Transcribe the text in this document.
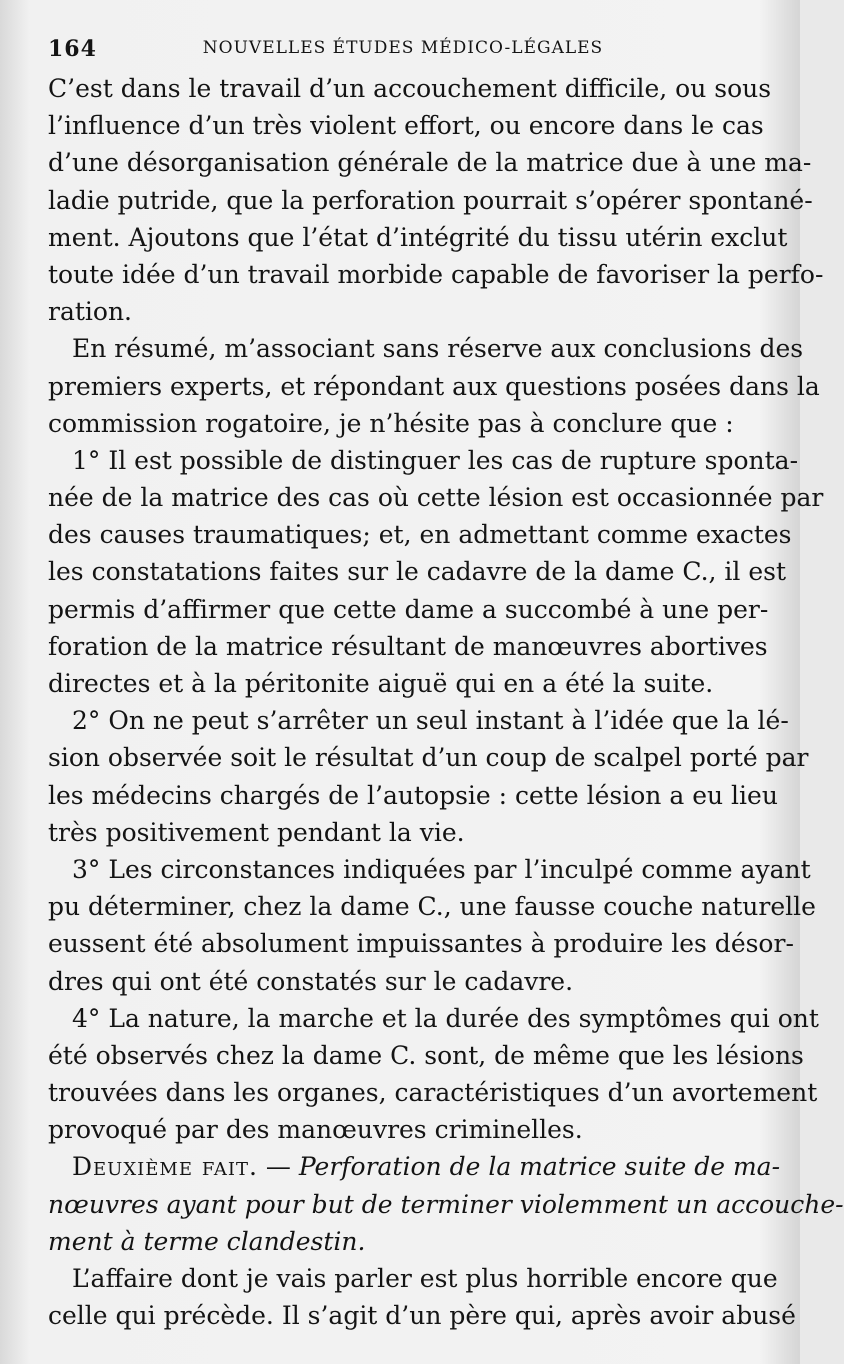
164	NOUVELLES ÉTUDES MÉDICO-LÉGALES
C’est dans le travail d’un accouchement difficile, ou sous
l’influence d’un très violent effort, ou encore dans le cas
d’une désorganisation générale de la matrice due à une ma-
ladie putride, que la perforation pourrait s’opérer spontané-
ment. Ajoutons que l’état d’intégrité du tissu utérin exclut
toute idée d’un travail morbide capable de favoriser la perfo-
ration.
En résumé, m’associant sans réserve aux conclusions des
premiers experts, et répondant aux questions posées dans la
commission rogatoire, je n’hésite pas à conclure que :
1° Il est possible de distinguer les cas de rupture sponta-
née de la matrice des cas où cette lésion est occasionnée par
des causes traumatiques; et, en admettant comme exactes
les constatations faites sur le cadavre de la dame C., il est
permis d’affirmer que cette dame a succombé à une per-
foration de la matrice résultant de manœuvres abortives
directes et à la péritonite aiguë qui en a été la suite.
2° On ne peut s’arrêter un seul instant à l’idée que la lé-
sion observée soit le résultat d’un coup de scalpel porté par
les médecins chargés de l’autopsie : cette lésion a eu lieu
très positivement pendant la vie.
3° Les circonstances indiquées par l’inculpé comme ayant
pu déterminer, chez la dame C., une fausse couche naturelle
eussent été absolument impuissantes à produire les désor-
dres qui ont été constatés sur le cadavre.
4° La nature, la marche et la durée des symptômes qui ont
été observés chez la dame C. sont, de même que les lésions
trouvées dans les organes, caractéristiques d’un avortement
provoqué par des manœuvres criminelles.
Deuxième fait. — Perforation de la matrice suite de ma-
nœuvres ayant pour but de terminer violemment un accouche-
ment à terme clandestin.
L’affaire dont je vais parler est plus horrible encore que
celle qui précède. Il s’agit d’un père qui, après avoir abusé
